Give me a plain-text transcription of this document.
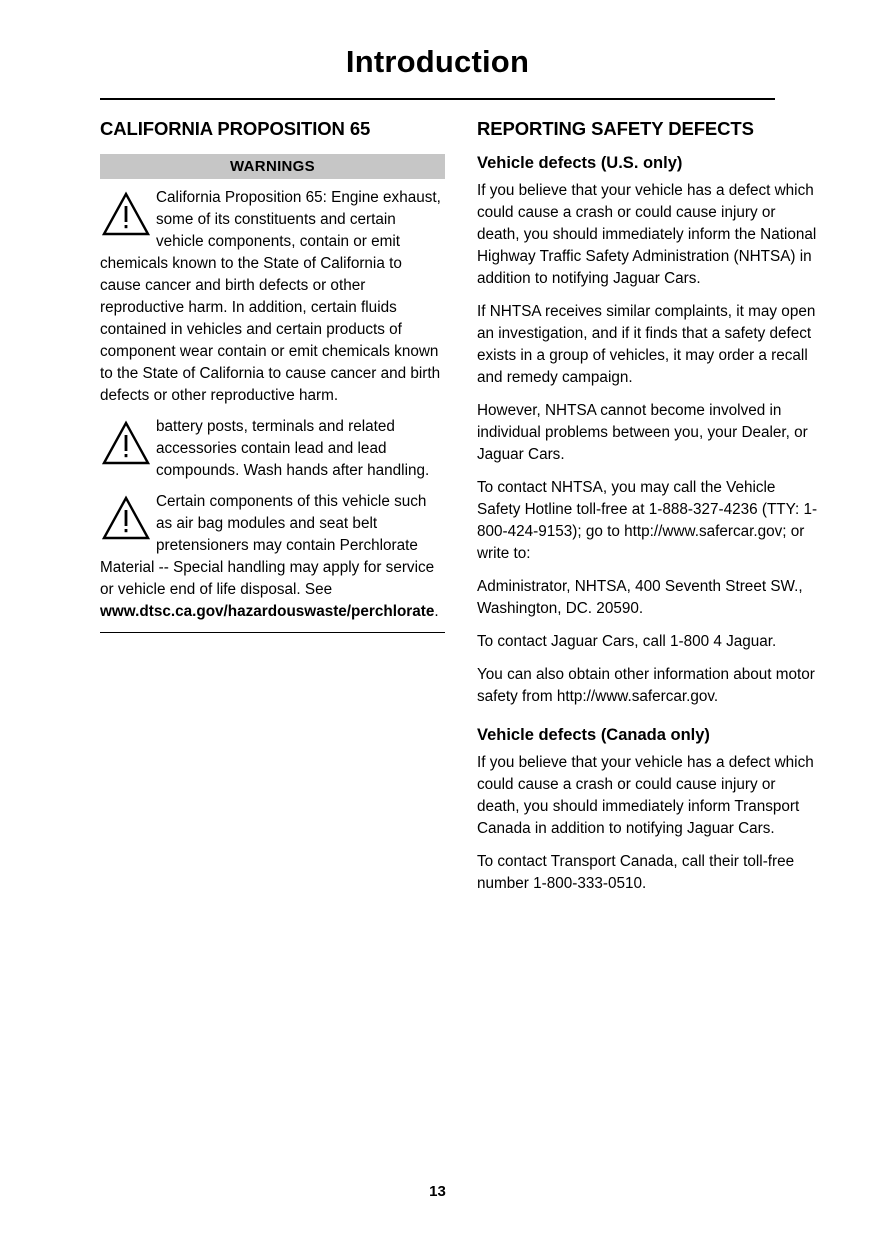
Introduction
CALIFORNIA PROPOSITION 65
WARNINGS
California Proposition 65: Engine exhaust, some of its constituents and certain vehicle components, contain or emit chemicals known to the State of California to cause cancer and birth defects or other reproductive harm. In addition, certain fluids contained in vehicles and certain products of component wear contain or emit chemicals known to the State of California to cause cancer and birth defects or other reproductive harm.
battery posts, terminals and related accessories contain lead and lead compounds. Wash hands after handling.
Certain components of this vehicle such as air bag modules and seat belt pretensioners may contain Perchlorate Material -- Special handling may apply for service or vehicle end of life disposal. See www.dtsc.ca.gov/hazardouswaste/perchlorate.
REPORTING SAFETY DEFECTS
Vehicle defects (U.S. only)

If you believe that your vehicle has a defect which could cause a crash or could cause injury or death, you should immediately inform the National Highway Traffic Safety Administration (NHTSA) in addition to notifying Jaguar Cars.

If NHTSA receives similar complaints, it may open an investigation, and if it finds that a safety defect exists in a group of vehicles, it may order a recall and remedy campaign.

However, NHTSA cannot become involved in individual problems between you, your Dealer, or Jaguar Cars.

To contact NHTSA, you may call the Vehicle Safety Hotline toll-free at 1-888-327-4236 (TTY: 1-800-424-9153); go to http://www.safercar.gov; or write to:

Administrator, NHTSA, 400 Seventh Street SW., Washington, DC. 20590.

To contact Jaguar Cars, call 1-800 4 Jaguar.

You can also obtain other information about motor safety from http://www.safercar.gov.

Vehicle defects (Canada only)

If you believe that your vehicle has a defect which could cause a crash or could cause injury or death, you should immediately inform Transport Canada in addition to notifying Jaguar Cars.

To contact Transport Canada, call their toll-free number 1-800-333-0510.

13
